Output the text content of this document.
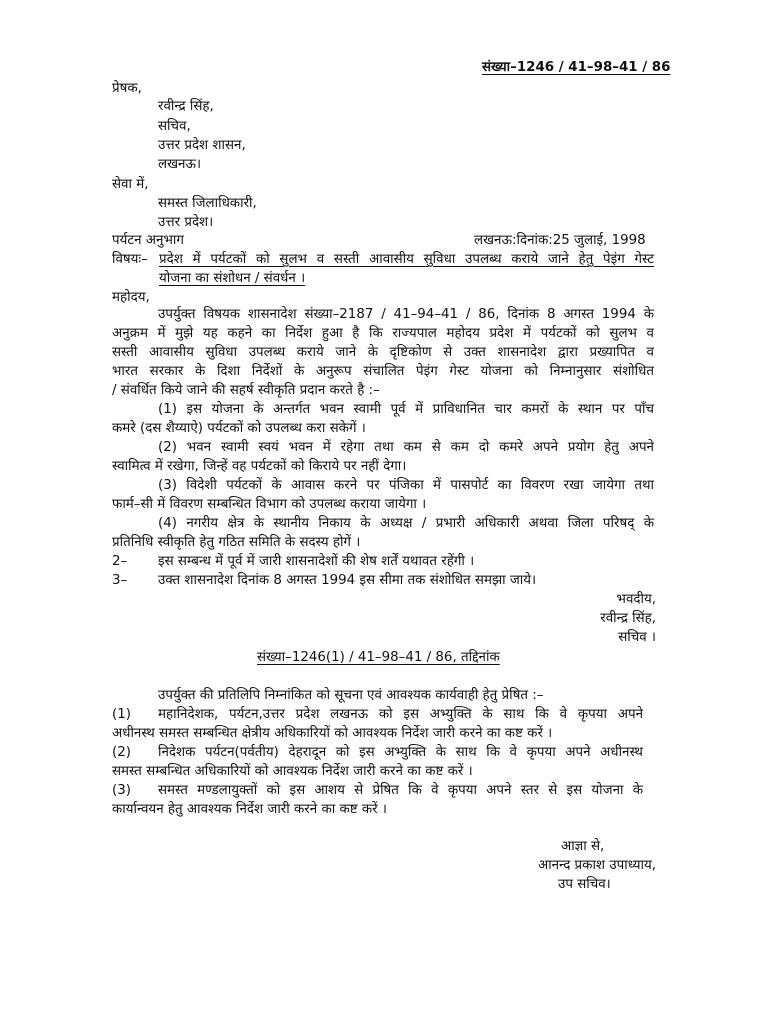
संख्या–1246 / 41–98–41 / 86
प्रेषक,
रवीन्द्र सिंह,
सचिव,
उत्तर प्रदेश शासन,
लखनऊ।
सेवा में,
समस्त जिलाधिकारी,
उत्तर प्रदेश।
पर्यटन अनुभाग	लखनऊ:दिनांक:25 जुलाई, 1998
विषयः– प्रदेश में पर्यटकों को सुलभ व सस्ती आवासीय सुविधा उपलब्ध कराये जाने हेतु पेइंग गेस्ट
योजना का संशोधन / संवर्धन ।
महोदय,
उपर्युक्त विषयक शासनादेश संख्या–2187 / 41–94–41 / 86, दिनांक 8 अगस्त 1994 के
अनुक्रम में मुझे यह कहने का निर्देश हुआ है कि राज्यपाल महोदय प्रदेश में पर्यटकों को सुलभ व
सस्ती आवासीय सुविधा उपलब्ध कराये जाने के दृष्टिकोण से उक्त शासनादेश द्वारा प्रख्यापित व
भारत सरकार के दिशा निर्देशों के अनुरूप संचालित पेइंग गेस्ट योजना को निम्नानुसार संशोधित
/ संवर्धित किये जाने की सहर्ष स्वीकृति प्रदान करते है :–
(1) इस योजना के अन्तर्गत भवन स्वामी पूर्व में प्राविधानित चार कमरों के स्थान पर पाँच
कमरे (दस शैय्याऐ) पर्यटकों को उपलब्ध करा सकेगें ।
(2) भवन स्वामी स्वयं भवन में रहेगा तथा कम से कम दो कमरे अपने प्रयोग हेतु अपने
स्वामित्व में रखेगा, जिन्हें वह पर्यटकों को किराये पर नहीं देगा।
(3) विदेशी पर्यटकों के आवास करने पर पंजिका में पासपोर्ट का विवरण रखा जायेगा तथा
फार्म–सी में विवरण सम्बन्धित विभाग को उपलब्ध कराया जायेगा ।
(4) नगरीय क्षेत्र के स्थानीय निकाय के अध्यक्ष / प्रभारी अधिकारी अथवा जिला परिषद् के
प्रतिनिधि स्वीकृति हेतु गठित समिति के सदस्य होगें ।
2– इस सम्बन्ध में पूर्व में जारी शासनादेशों की शेष शर्तें यथावत रहेंगी ।
3– उक्त शासनादेश दिनांक 8 अगस्त 1994 इस सीमा तक संशोधित समझा जाये।
भवदीय,
रवीन्द्र सिंह,
सचिव ।
संख्या–1246(1) / 41–98–41 / 86, तद्दिनांक
उपर्युक्त की प्रतिलिपि निम्नांकित को सूचना एवं आवश्यक कार्यवाही हेतु प्रेषित :–
(1) महानिदेशक, पर्यटन,उत्तर प्रदेश लखनऊ को इस अभ्युक्ति के साथ कि वे कृपया अपने
अधीनस्थ समस्त सम्बन्धित क्षेत्रीय अधिकारियों को आवश्यक निर्देश जारी करने का कष्ट करें ।
(2) निदेशक पर्यटन(पर्वतीय) देहरादून को इस अभ्युक्ति के साथ कि वे कृपया अपने अधीनस्थ
समस्त सम्बन्धित अधिकारियों को आवश्यक निर्देश जारी करने का कष्ट करें ।
(3) समस्त मण्डलायुक्तों को इस आशय से प्रेषित कि वे कृपया अपने स्तर से इस योजना के
कार्यान्वयन हेतु आवश्यक निर्देश जारी करने का कष्ट करें ।
आज्ञा से,
आनन्द प्रकाश उपाध्याय,
उप सचिव।
